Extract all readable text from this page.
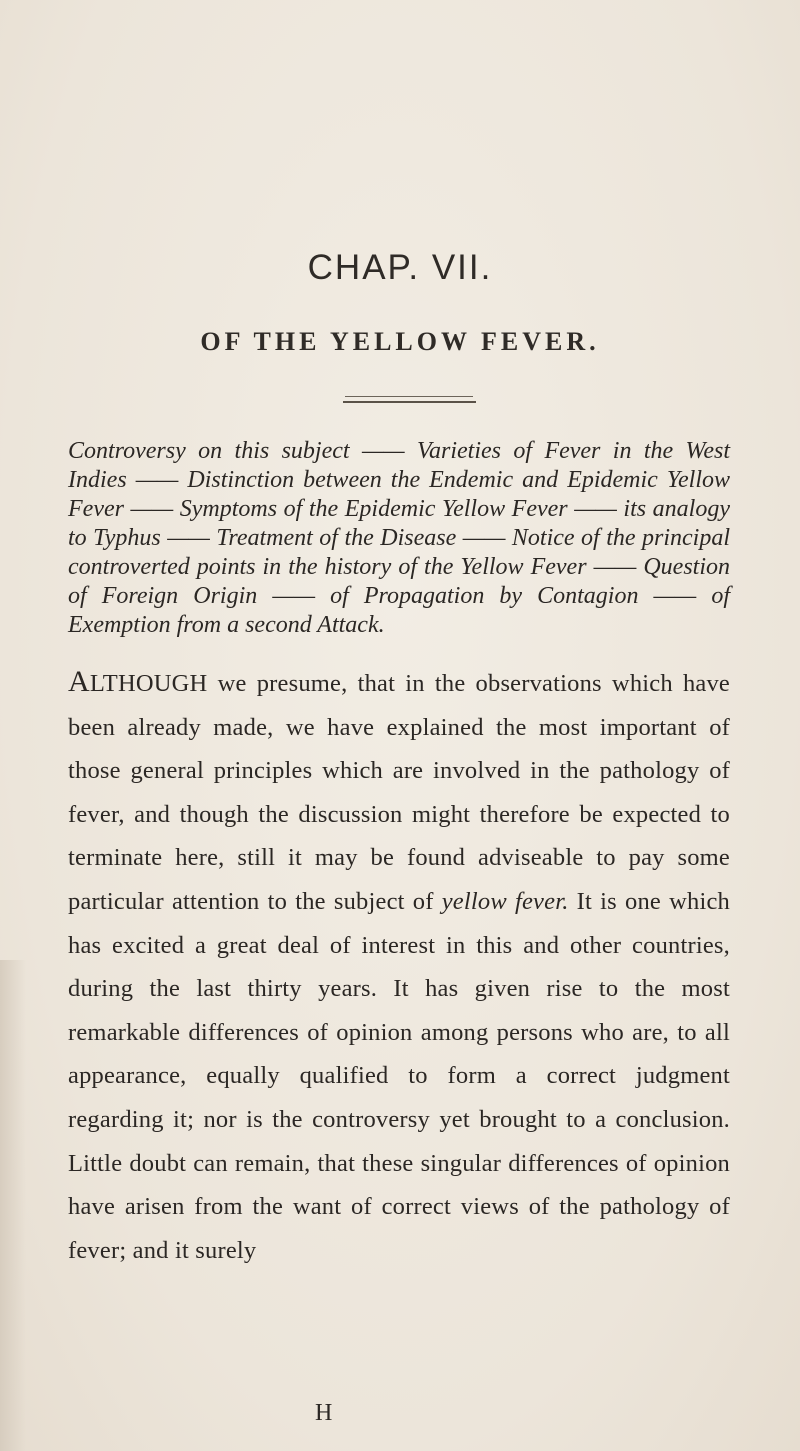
CHAP. VII.
OF THE YELLOW FEVER.

Controversy on this subject —— Varieties of Fever in the West Indies —— Distinction between the Endemic and Epidemic Yellow Fever —— Symptoms of the Epidemic Yellow Fever —— its analogy to Typhus —— Treatment of the Disease —— Notice of the principal controverted points in the history of the Yellow Fever —— Question of Foreign Origin —— of Propagation by Contagion —— of Exemption from a second Attack.

ALTHOUGH we presume, that in the observations which have been already made, we have explained the most important of those general principles which are involved in the pathology of fever, and though the discussion might therefore be expected to terminate here, still it may be found adviseable to pay some particular attention to the subject of yellow fever. It is one which has excited a great deal of interest in this and other countries, during the last thirty years. It has given rise to the most remarkable differences of opinion among persons who are, to all appearance, equally qualified to form a correct judgment regarding it; nor is the controversy yet brought to a conclusion. Little doubt can remain, that these singular differences of opinion have arisen from the want of correct views of the pathology of fever; and it surely

H
